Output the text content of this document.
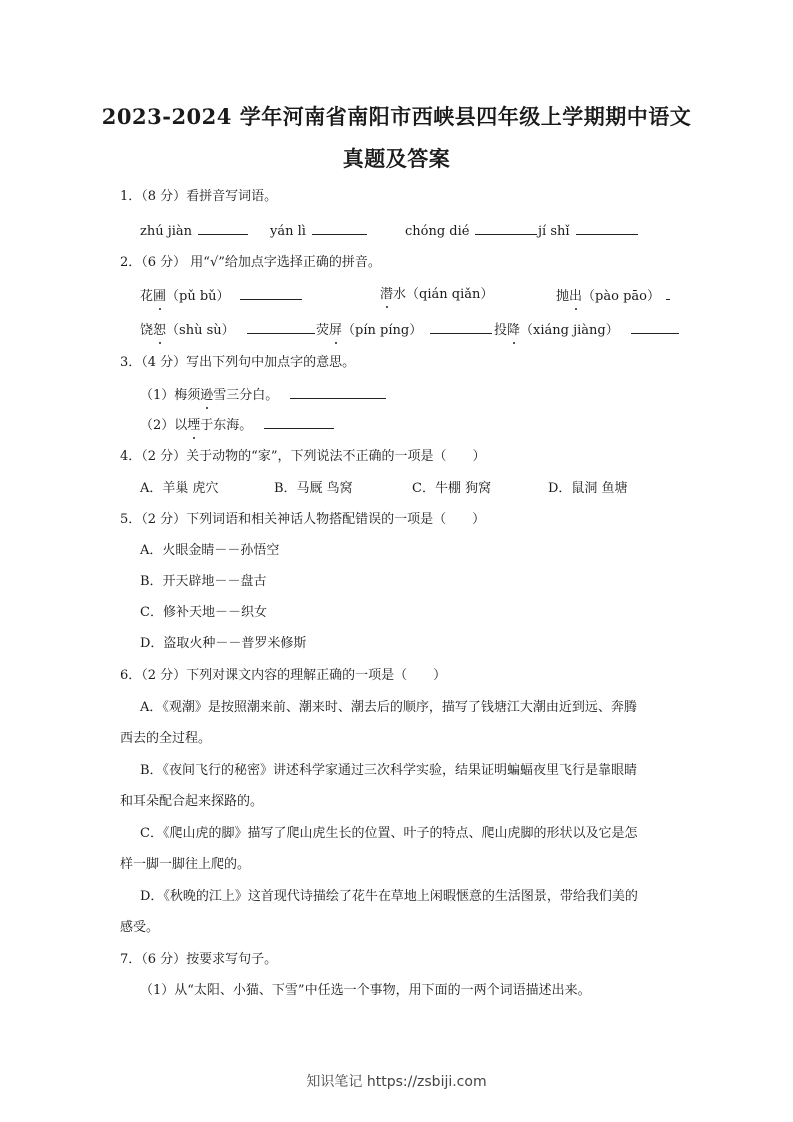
2023-2024 学年河南省南阳市西峡县四年级上学期期中语文
真题及答案
1．（8 分）看拼音写词语。
zhú jiàn	yán lì	chóng dié	jí shǐ
2．（6 分） 用“√”给加点字选择正确的拼音。
花圃（pǔ bǔ）	潜水（qián qiǎn）	抛出（pào pāo）
饶恕（shù sù）	荧屏（pín píng）	投降（xiáng jiàng）
3．（4 分）写出下列句中加点字的意思。
（1）梅须逊雪三分白。
（2）以堙于东海。
4．（2 分）关于动物的“家”，下列说法不正确的一项是（　　）
A．羊巢 虎穴	B．马厩 鸟窝	C．牛棚 狗窝	D．鼠洞 鱼塘
5．（2 分）下列词语和相关神话人物搭配错误的一项是（　　）
A．火眼金睛－－孙悟空
B．开天辟地－－盘古
C．修补天地－－织女
D．盗取火种－－普罗米修斯
6．（2 分）下列对课文内容的理解正确的一项是（　　）
A．《观潮》是按照潮来前、潮来时、潮去后的顺序，描写了钱塘江大潮由近到远、奔腾
西去的全过程。
B．《夜间飞行的秘密》讲述科学家通过三次科学实验，结果证明蝙蝠夜里飞行是靠眼睛
和耳朵配合起来探路的。
C．《爬山虎的脚》描写了爬山虎生长的位置、叶子的特点、爬山虎脚的形状以及它是怎
样一脚一脚往上爬的。
D．《秋晚的江上》这首现代诗描绘了花牛在草地上闲暇惬意的生活图景，带给我们美的
感受。
7．（6 分）按要求写句子。
（1）从“太阳、小猫、下雪”中任选一个事物，用下面的一两个词语描述出来。
知识笔记 https://zsbiji.com
